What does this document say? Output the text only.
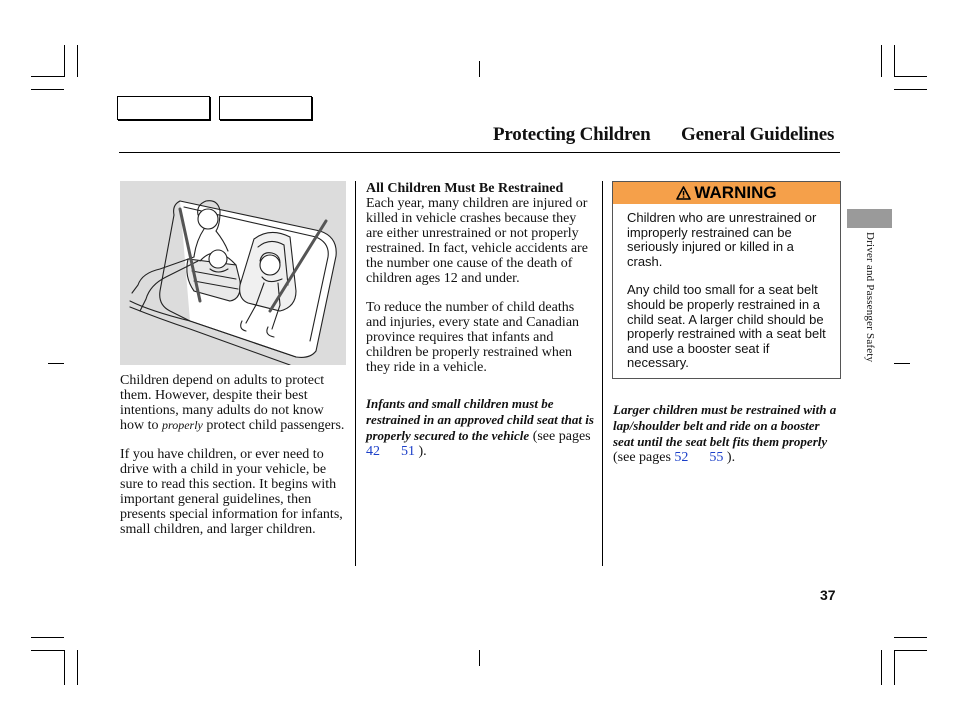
Protecting Children General Guidelines

Children depend on adults to protect them. However, despite their best intentions, many adults do not know how to properly protect child passengers.

If you have children, or ever need to drive with a child in your vehicle, be sure to read this section. It begins with important general guidelines, then presents special information for infants, small children, and larger children.

All Children Must Be Restrained
Each year, many children are injured or killed in vehicle crashes because they are either unrestrained or not properly restrained. In fact, vehicle accidents are the number one cause of the death of children ages 12 and under.

To reduce the number of child deaths and injuries, every state and Canadian province requires that infants and children be properly restrained when they ride in a vehicle.

Infants and small children must be restrained in an approved child seat that is properly secured to the vehicle (see pages 42 51 ).

WARNING

Children who are unrestrained or improperly restrained can be seriously injured or killed in a crash.

Any child too small for a seat belt should be properly restrained in a child seat. A larger child should be properly restrained with a seat belt and use a booster seat if necessary.

Larger children must be restrained with a lap/shoulder belt and ride on a booster seat until the seat belt fits them properly (see pages 52 55 ).

Driver and Passenger Safety
37
